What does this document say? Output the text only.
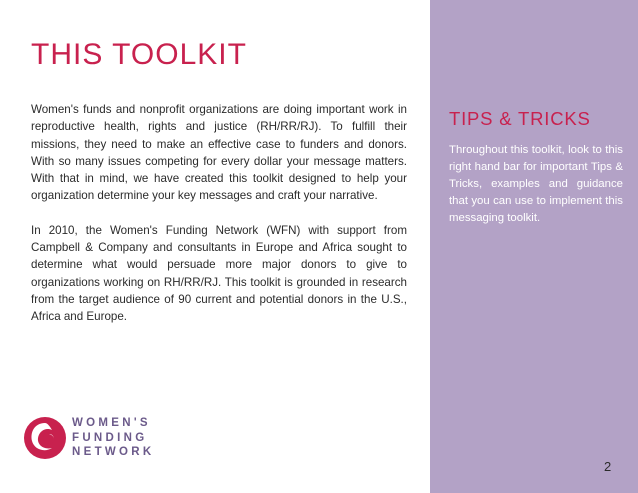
THIS TOOLKIT

Women's funds and nonprofit organizations are doing important work in reproductive health, rights and justice (RH/RR/RJ). To fulfill their missions, they need to make an effective case to funders and donors. With so many issues competing for every dollar your message matters. With that in mind, we have created this toolkit designed to help your organization determine your key messages and craft your narrative.

In 2010, the Women's Funding Network (WFN) with support from Campbell & Company and consultants in Europe and Africa sought to determine what would persuade more major donors to give to organizations working on RH/RR/RJ. This toolkit is grounded in research from the target audience of 90 current and potential donors in the U.S., Africa and Europe.

WOMEN'S
FUNDING
NETWORK
TIPS & TRICKS
Throughout this toolkit, look to this right hand bar for important Tips & Tricks, examples and guidance that you can use to implement this messaging toolkit.
2
